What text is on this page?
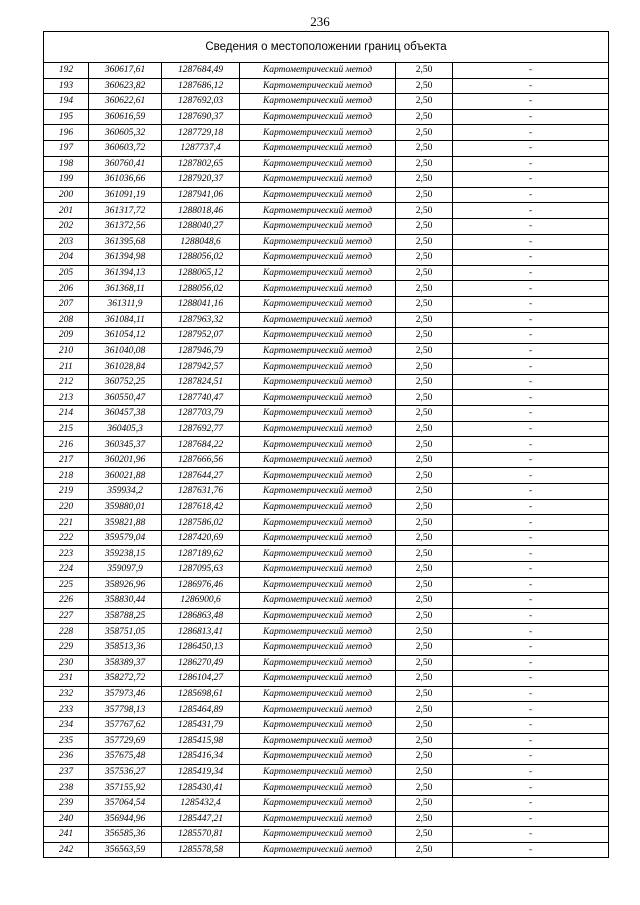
236
Сведения о местоположении границ объекта					
192	360617,61	1287684,49	Картометрический метод	2,50	-
193	360623,82	1287686,12	Картометрический метод	2,50	-
194	360622,61	1287692,03	Картометрический метод	2,50	-
195	360616,59	1287690,37	Картометрический метод	2,50	-
196	360605,32	1287729,18	Картометрический метод	2,50	-
197	360603,72	1287737,4	Картометрический метод	2,50	-
198	360760,41	1287802,65	Картометрический метод	2,50	-
199	361036,66	1287920,37	Картометрический метод	2,50	-
200	361091,19	1287941,06	Картометрический метод	2,50	-
201	361317,72	1288018,46	Картометрический метод	2,50	-
202	361372,56	1288040,27	Картометрический метод	2,50	-
203	361395,68	1288048,6	Картометрический метод	2,50	-
204	361394,98	1288056,02	Картометрический метод	2,50	-
205	361394,13	1288065,12	Картометрический метод	2,50	-
206	361368,11	1288056,02	Картометрический метод	2,50	-
207	361311,9	1288041,16	Картометрический метод	2,50	-
208	361084,11	1287963,32	Картометрический метод	2,50	-
209	361054,12	1287952,07	Картометрический метод	2,50	-
210	361040,08	1287946,79	Картометрический метод	2,50	-
211	361028,84	1287942,57	Картометрический метод	2,50	-
212	360752,25	1287824,51	Картометрический метод	2,50	-
213	360550,47	1287740,47	Картометрический метод	2,50	-
214	360457,38	1287703,79	Картометрический метод	2,50	-
215	360405,3	1287692,77	Картометрический метод	2,50	-
216	360345,37	1287684,22	Картометрический метод	2,50	-
217	360201,96	1287666,56	Картометрический метод	2,50	-
218	360021,88	1287644,27	Картометрический метод	2,50	-
219	359934,2	1287631,76	Картометрический метод	2,50	-
220	359880,01	1287618,42	Картометрический метод	2,50	-
221	359821,88	1287586,02	Картометрический метод	2,50	-
222	359579,04	1287420,69	Картометрический метод	2,50	-
223	359238,15	1287189,62	Картометрический метод	2,50	-
224	359097,9	1287095,63	Картометрический метод	2,50	-
225	358926,96	1286976,46	Картометрический метод	2,50	-
226	358830,44	1286900,6	Картометрический метод	2,50	-
227	358788,25	1286863,48	Картометрический метод	2,50	-
228	358751,05	1286813,41	Картометрический метод	2,50	-
229	358513,36	1286450,13	Картометрический метод	2,50	-
230	358389,37	1286270,49	Картометрический метод	2,50	-
231	358272,72	1286104,27	Картометрический метод	2,50	-
232	357973,46	1285698,61	Картометрический метод	2,50	-
233	357798,13	1285464,89	Картометрический метод	2,50	-
234	357767,62	1285431,79	Картометрический метод	2,50	-
235	357729,69	1285415,98	Картометрический метод	2,50	-
236	357675,48	1285416,34	Картометрический метод	2,50	-
237	357536,27	1285419,34	Картометрический метод	2,50	-
238	357155,92	1285430,41	Картометрический метод	2,50	-
239	357064,54	1285432,4	Картометрический метод	2,50	-
240	356944,96	1285447,21	Картометрический метод	2,50	-
241	356585,36	1285570,81	Картометрический метод	2,50	-
242	356563,59	1285578,58	Картометрический метод	2,50	-
